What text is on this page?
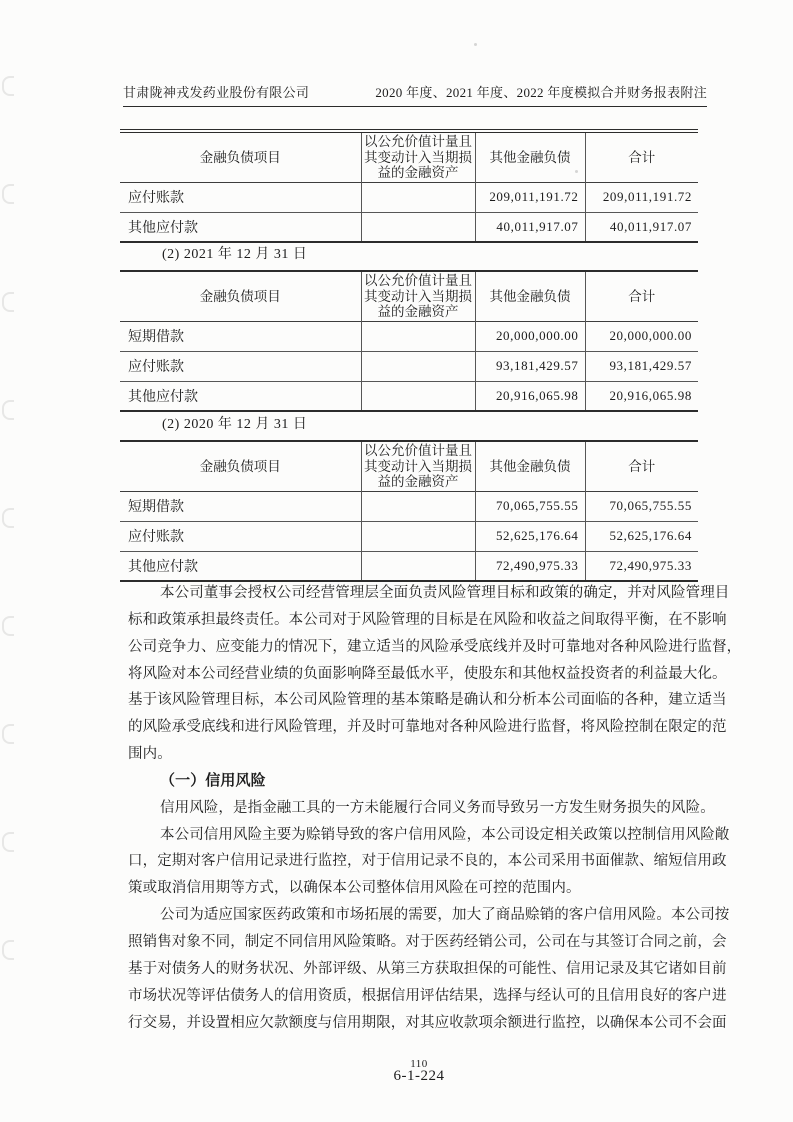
甘肃陇神戎发药业股份有限公司	2020 年度、2021 年度、2022 年度模拟合并财务报表附注
金融负债项目	以公允价值计量且其变动计入当期损益的金融资产	其他金融负债	合计
应付账款		209,011,191.72	209,011,191.72
其他应付款		40,011,917.07	40,011,917.07
(2) 2021 年 12 月 31 日
金融负债项目	以公允价值计量且其变动计入当期损益的金融资产	其他金融负债	合计
短期借款		20,000,000.00	20,000,000.00
应付账款		93,181,429.57	93,181,429.57
其他应付款		20,916,065.98	20,916,065.98
(2) 2020 年 12 月 31 日
金融负债项目	以公允价值计量且其变动计入当期损益的金融资产	其他金融负债	合计
短期借款		70,065,755.55	70,065,755.55
应付账款		52,625,176.64	52,625,176.64
其他应付款		72,490,975.33	72,490,975.33
本公司董事会授权公司经营管理层全面负责风险管理目标和政策的确定，并对风险管理目
标和政策承担最终责任。本公司对于风险管理的目标是在风险和收益之间取得平衡，在不影响
公司竞争力、应变能力的情况下，建立适当的风险承受底线并及时可靠地对各种风险进行监督，
将风险对本公司经营业绩的负面影响降至最低水平，使股东和其他权益投资者的利益最大化。
基于该风险管理目标，本公司风险管理的基本策略是确认和分析本公司面临的各种，建立适当
的风险承受底线和进行风险管理，并及时可靠地对各种风险进行监督，将风险控制在限定的范
围内。
（一）信用风险
信用风险，是指金融工具的一方未能履行合同义务而导致另一方发生财务损失的风险。
本公司信用风险主要为赊销导致的客户信用风险，本公司设定相关政策以控制信用风险敞
口，定期对客户信用记录进行监控，对于信用记录不良的，本公司采用书面催款、缩短信用政
策或取消信用期等方式，以确保本公司整体信用风险在可控的范围内。
公司为适应国家医药政策和市场拓展的需要，加大了商品赊销的客户信用风险。本公司按
照销售对象不同，制定不同信用风险策略。对于医药经销公司，公司在与其签订合同之前，会
基于对债务人的财务状况、外部评级、从第三方获取担保的可能性、信用记录及其它诸如目前
市场状况等评估债务人的信用资质，根据信用评估结果，选择与经认可的且信用良好的客户进
行交易，并设置相应欠款额度与信用期限，对其应收款项余额进行监控，以确保本公司不会面
110
6-1-224
